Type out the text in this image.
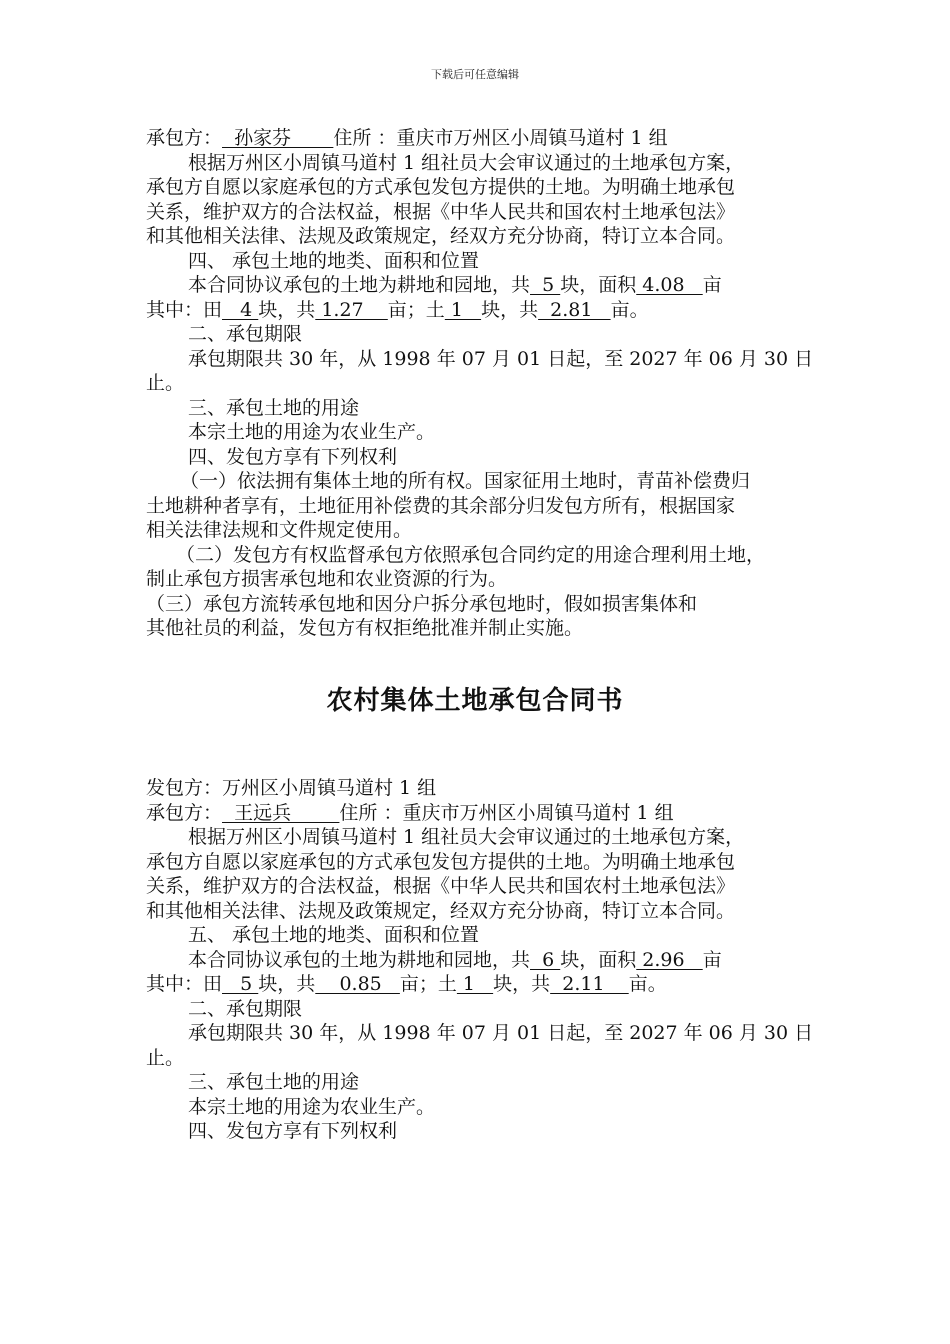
下载后可任意编辑
承包方：  孙家芬       住所 ：重庆市万州区小周镇马道村 1 组
根据万州区小周镇马道村 1 组社员大会审议通过的土地承包方案，
承包方自愿以家庭承包的方式承包发包方提供的土地。为明确土地承包
关系，维护双方的合法权益，根据《中华人民共和国农村土地承包法》
和其他相关法律、法规及政策规定，经双方充分协商，特订立本合同。
四、 承包土地的地类、面积和位置
本合同协议承包的土地为耕地和园地，共  5 块，面积 4.08   亩
其中：田   4 块，共 1.27    亩；土 1   块，共  2.81   亩。
二、承包期限
承包期限共 30 年，从 1998 年 07 月 01 日起，至 2027 年 06 月 30 日
止。
三、承包土地的用途
本宗土地的用途为农业生产。
四、发包方享有下列权利
（一）依法拥有集体土地的所有权。国家征用土地时，青苗补偿费归
土地耕种者享有，土地征用补偿费的其余部分归发包方所有，根据国家
相关法律法规和文件规定使用。
（二）发包方有权监督承包方依照承包合同约定的用途合理利用土地，
制止承包方损害承包地和农业资源的行为。
（三）承包方流转承包地和因分户拆分承包地时，假如损害集体和
其他社员的利益，发包方有权拒绝批准并制止实施。
农村集体土地承包合同书
发包方：万州区小周镇马道村 1 组
承包方：  王远兵        住所 ：重庆市万州区小周镇马道村 1 组
根据万州区小周镇马道村 1 组社员大会审议通过的土地承包方案，
承包方自愿以家庭承包的方式承包发包方提供的土地。为明确土地承包
关系，维护双方的合法权益，根据《中华人民共和国农村土地承包法》
和其他相关法律、法规及政策规定，经双方充分协商，特订立本合同。
五、 承包土地的地类、面积和位置
本合同协议承包的土地为耕地和园地，共  6 块，面积 2.96   亩
其中：田   5 块，共    0.85   亩；土 1   块，共  2.11    亩。
二、承包期限
承包期限共 30 年，从 1998 年 07 月 01 日起，至 2027 年 06 月 30 日
止。
三、承包土地的用途
本宗土地的用途为农业生产。
四、发包方享有下列权利
